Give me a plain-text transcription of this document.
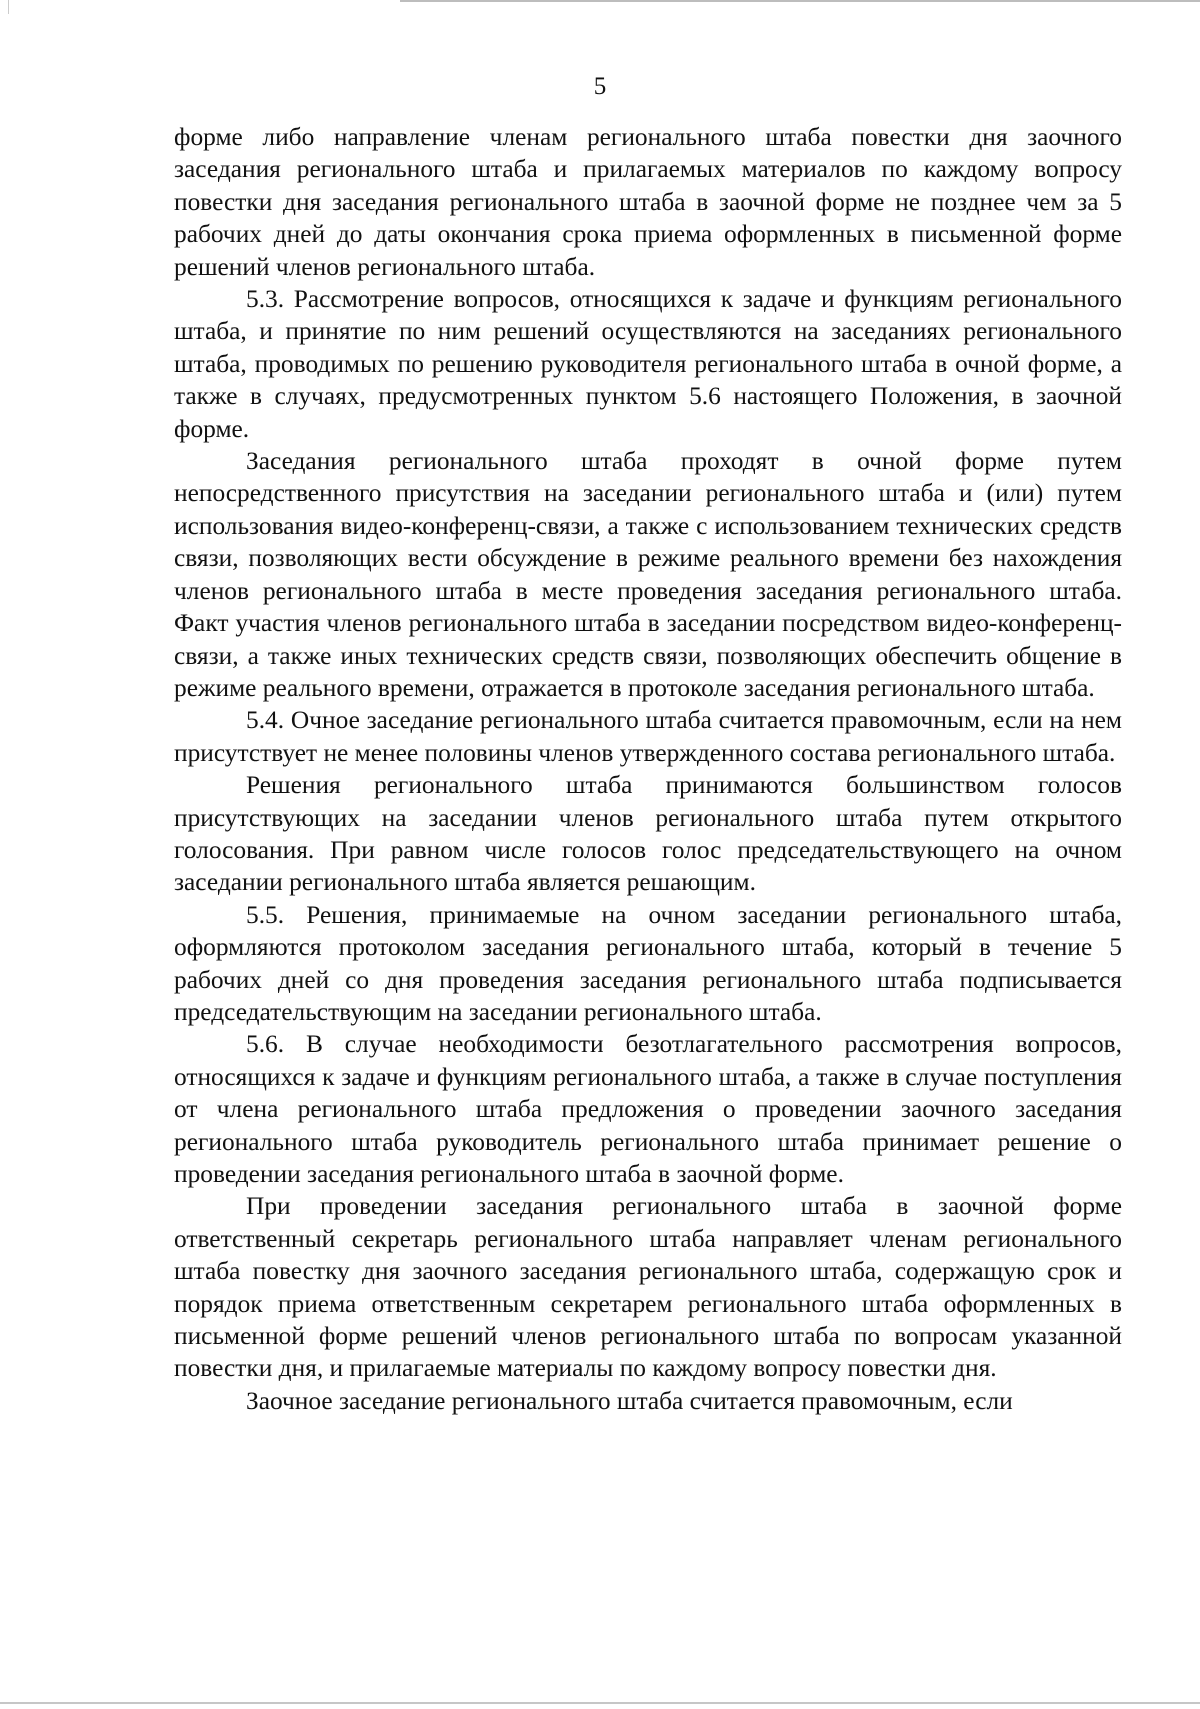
5

форме либо направление членам регионального штаба повестки дня заочного заседания регионального штаба и прилагаемых материалов по каждому вопросу повестки дня заседания регионального штаба в заочной форме не позднее чем за 5 рабочих дней до даты окончания срока приема оформленных в письменной форме решений членов регионального штаба.

5.3. Рассмотрение вопросов, относящихся к задаче и функциям регионального штаба, и принятие по ним решений осуществляются на заседаниях регионального штаба, проводимых по решению руководителя регионального штаба в очной форме, а также в случаях, предусмотренных пунктом 5.6 настоящего Положения, в заочной форме.

Заседания регионального штаба проходят в очной форме путем непосредственного присутствия на заседании регионального штаба и (или) путем использования видео-конференц-связи, а также с использованием технических средств связи, позволяющих вести обсуждение в режиме реального времени без нахождения членов регионального штаба в месте проведения заседания регионального штаба. Факт участия членов регионального штаба в заседании посредством видео-конференц-связи, а также иных технических средств связи, позволяющих обеспечить общение в режиме реального времени, отражается в протоколе заседания регионального штаба.

5.4. Очное заседание регионального штаба считается правомочным, если на нем присутствует не менее половины членов утвержденного состава регионального штаба.

Решения регионального штаба принимаются большинством голосов присутствующих на заседании членов регионального штаба путем открытого голосования. При равном числе голосов голос председательствующего на очном заседании регионального штаба является решающим.

5.5. Решения, принимаемые на очном заседании регионального штаба, оформляются протоколом заседания регионального штаба, который в течение 5 рабочих дней со дня проведения заседания регионального штаба подписывается председательствующим на заседании регионального штаба.

5.6. В случае необходимости безотлагательного рассмотрения вопросов, относящихся к задаче и функциям регионального штаба, а также в случае поступления от члена регионального штаба предложения о проведении заочного заседания регионального штаба руководитель регионального штаба принимает решение о проведении заседания регионального штаба в заочной форме.

При проведении заседания регионального штаба в заочной форме ответственный секретарь регионального штаба направляет членам регионального штаба повестку дня заочного заседания регионального штаба, содержащую срок и порядок приема ответственным секретарем регионального штаба оформленных в письменной форме решений членов регионального штаба по вопросам указанной повестки дня, и прилагаемые материалы по каждому вопросу повестки дня.

Заочное заседание регионального штаба считается правомочным, если
